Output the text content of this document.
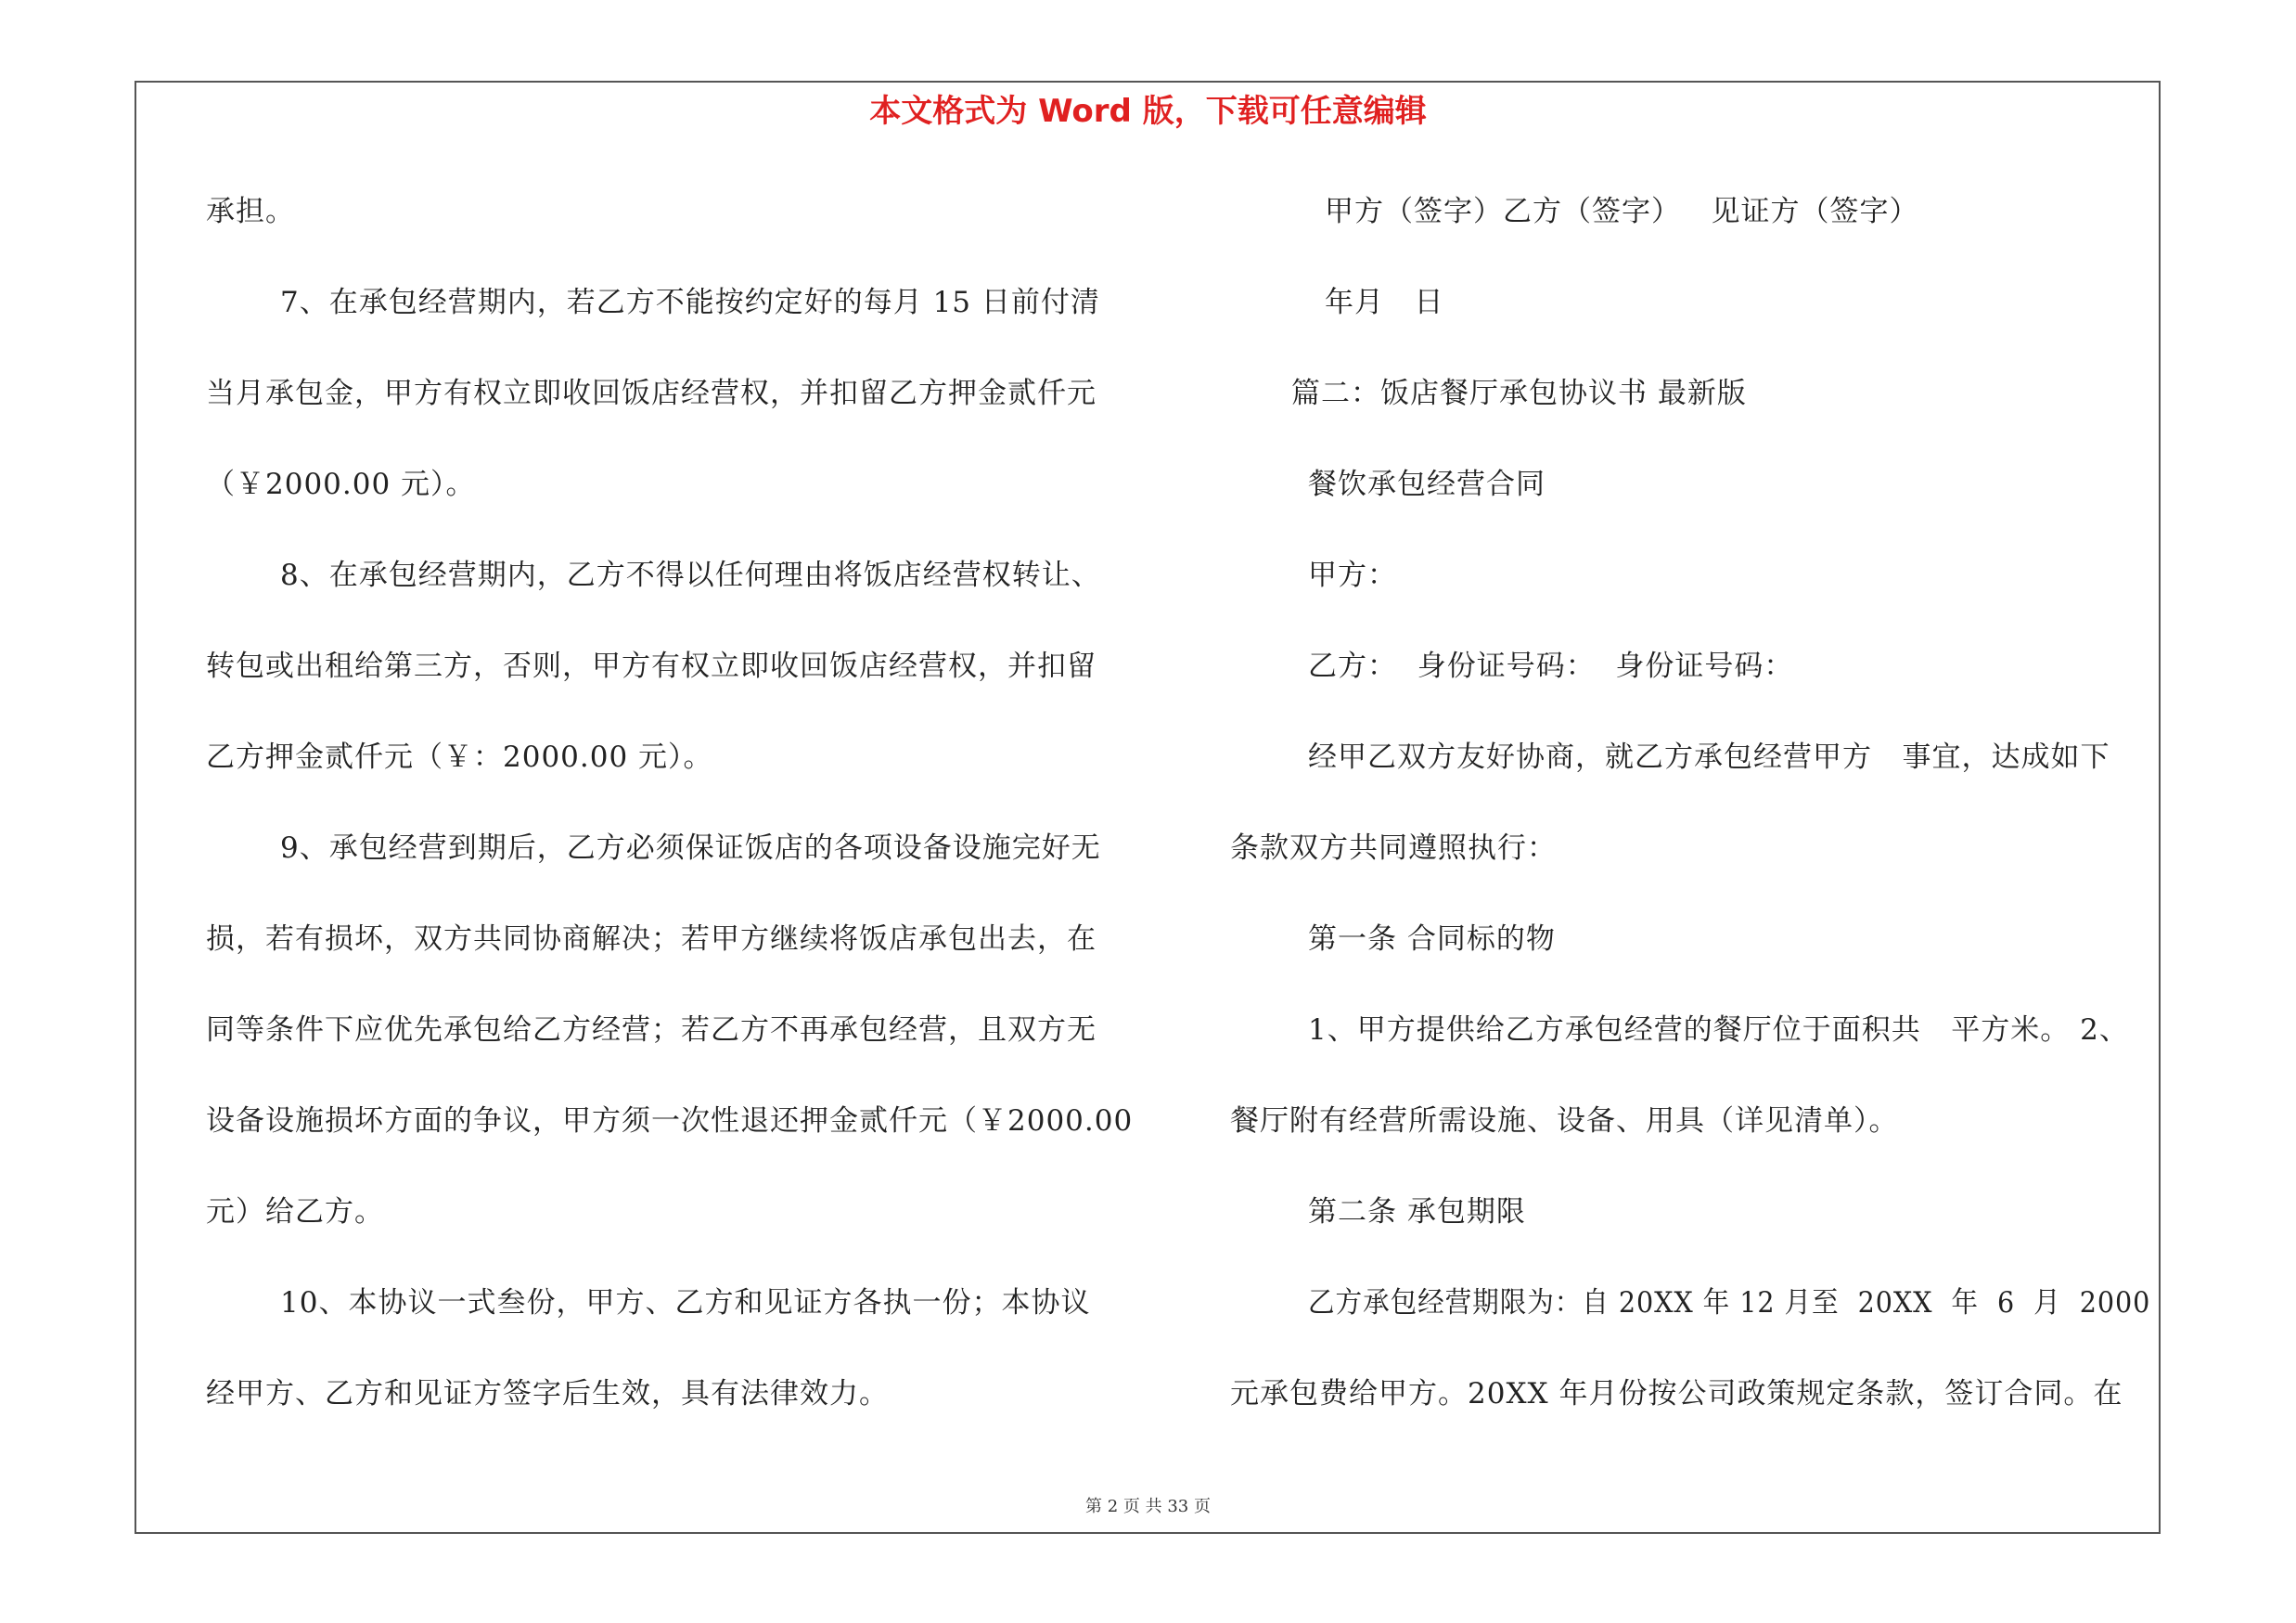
本文格式为 Word 版，下载可任意编辑
承担。
7、在承包经营期内，若乙方不能按约定好的每月 15 日前付清
当月承包金，甲方有权立即收回饭店经营权，并扣留乙方押金贰仟元
（￥2000.00 元）。
8、在承包经营期内，乙方不得以任何理由将饭店经营权转让、
转包或出租给第三方，否则，甲方有权立即收回饭店经营权，并扣留
乙方押金贰仟元（￥：2000.00 元）。
9、承包经营到期后，乙方必须保证饭店的各项设备设施完好无
损，若有损坏，双方共同协商解决；若甲方继续将饭店承包出去，在
同等条件下应优先承包给乙方经营；若乙方不再承包经营，且双方无
设备设施损坏方面的争议，甲方须一次性退还押金贰仟元（￥2000.00
元）给乙方。
10、本协议一式叁份，甲方、乙方和见证方各执一份；本协议
经甲方、乙方和见证方签字后生效，具有法律效力。
甲方（签字）乙方（签字）   见证方（签字）
年月   日
篇二：饭店餐厅承包协议书 最新版
餐饮承包经营合同
甲方：
乙方：  身份证号码：  身份证号码：
经甲乙双方友好协商，就乙方承包经营甲方   事宜，达成如下
条款双方共同遵照执行：
第一条 合同标的物
1、甲方提供给乙方承包经营的餐厅位于面积共   平方米。 2、
餐厅附有经营所需设施、设备、用具（详见清单）。
第二条 承包期限
乙方承包经营期限为：自 20XX 年 12 月至  20XX  年  6  月  2000
元承包费给甲方。20XX 年月份按公司政策规定条款，签订合同。在
第 2 页 共 33 页
